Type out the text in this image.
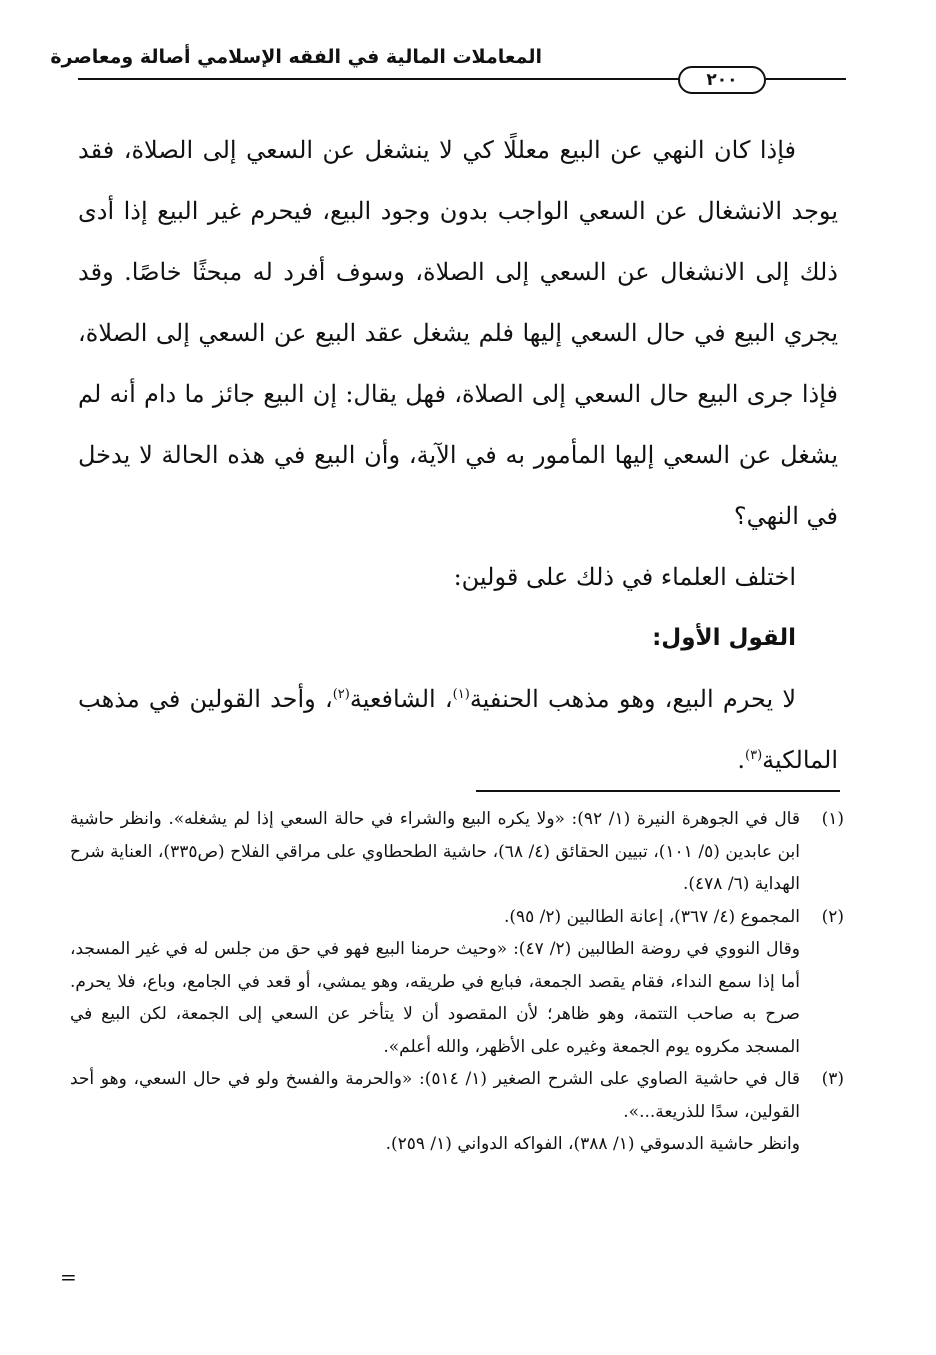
المعاملات المالية في الفقه الإسلامي أصالة ومعاصرة
٢٠٠

فإذا كان النهي عن البيع معللًا كي لا ينشغل عن السعي إلى الصلاة، فقد يوجد الانشغال عن السعي الواجب بدون وجود البيع، فيحرم غير البيع إذا أدى ذلك إلى الانشغال عن السعي إلى الصلاة، وسوف أفرد له مبحثًا خاصًا. وقد يجري البيع في حال السعي إليها فلم يشغل عقد البيع عن السعي إلى الصلاة، فإذا جرى البيع حال السعي إلى الصلاة، فهل يقال: إن البيع جائز ما دام أنه لم يشغل عن السعي إليها المأمور به في الآية، وأن البيع في هذه الحالة لا يدخل في النهي؟

اختلف العلماء في ذلك على قولين:

القول الأول:

لا يحرم البيع، وهو مذهب الحنفية$^{(١)}$، الشافعية$^{(٢)}$، وأحد القولين في مذهب المالكية$^{(٣)}$.

(١)
قال في الجوهرة النيرة (١/ ٩٢): «ولا يكره البيع والشراء في حالة السعي إذا لم يشغله». وانظر حاشية ابن عابدين (٥/ ١٠١)، تبيين الحقائق (٤/ ٦٨)، حاشية الطحطاوي على مراقي الفلاح (ص٣٣٥)، العناية شرح الهداية (٦/ ٤٧٨).
(٢)
المجموع (٤/ ٣٦٧)، إعانة الطالبين (٢/ ٩٥).

وقال النووي في روضة الطالبين (٢/ ٤٧): «وحيث حرمنا البيع فهو في حق من جلس له في غير المسجد، أما إذا سمع النداء، فقام يقصد الجمعة، فبايع في طريقه، وهو يمشي، أو قعد في الجامع، وباع، فلا يحرم. صرح به صاحب التتمة، وهو ظاهر؛ لأن المقصود أن لا يتأخر عن السعي إلى الجمعة، لكن البيع في المسجد مكروه يوم الجمعة وغيره على الأظهر، والله أعلم».

(٣)
قال في حاشية الصاوي على الشرح الصغير (١/ ٥١٤): «والحرمة والفسخ ولو في حال السعي، وهو أحد القولين، سدًا للذريعة...».

وانظر حاشية الدسوقي (١/ ٣٨٨)، الفواكه الدواني (١/ ٢٥٩).

=
